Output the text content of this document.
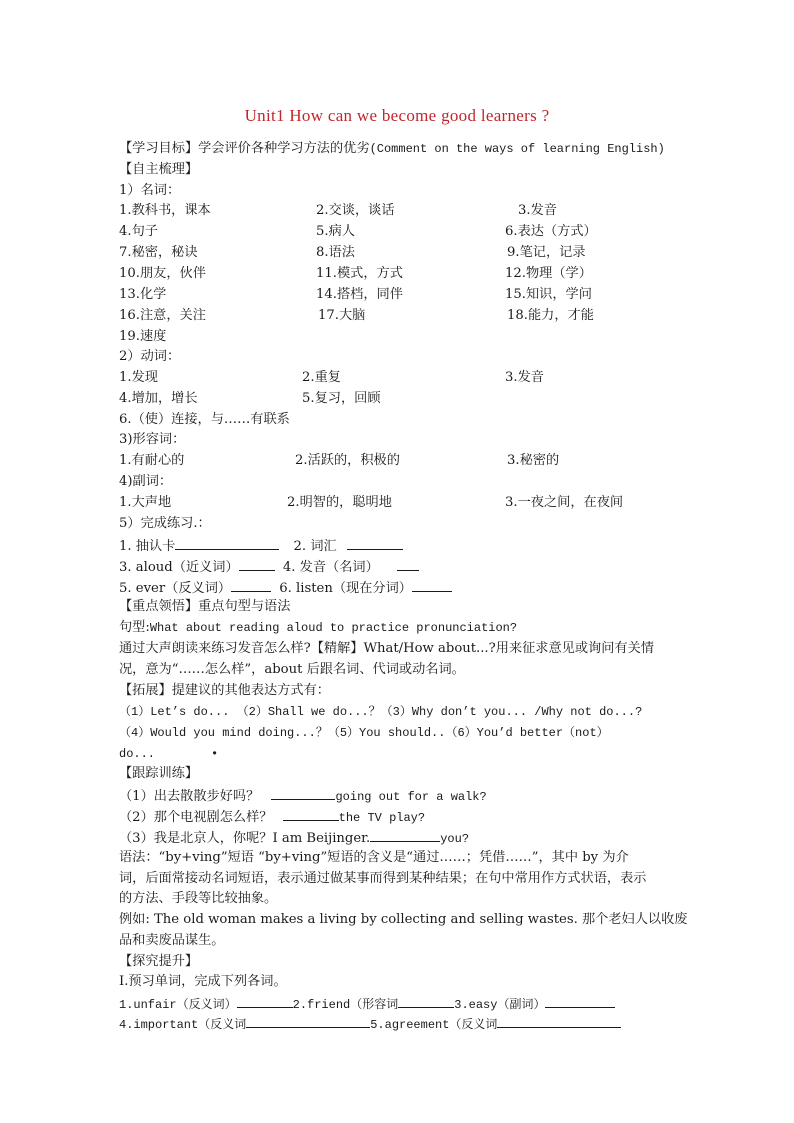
Unit1 How can we become good learners ?
【学习目标】学会评价各种学习方法的优劣(Comment on the ways of learning English)
【自主梳理】
1）名词：
1.教科书，课本	2.交谈，谈话	3.发音
4.句子	5.病人	6.表达（方式）
7.秘密，秘诀	8.语法	9.笔记，记录
10.朋友，伙伴	11.模式，方式	12.物理（学）
13.化学	14.搭档，同伴	15.知识，学问
16.注意，关注	17.大脑	18.能力，才能
19.速度
2）动词：
1.发现	2.重复	3.发音
4.增加，增长	5.复习，回顾
6.（使）连接，与……有联系
3)形容词：
1.有耐心的	2.活跃的，积极的	3.秘密的
4)副词：
1.大声地	2.明智的，聪明地	3.一夜之间，在夜间
5）完成练习.：
1. 抽认卡	2. 词汇
3. aloud（近义词）	4. 发音（名词）
5. ever（反义词）	6. listen（现在分词）
【重点领悟】重点句型与语法
句型:What about reading aloud to practice pronunciation?
通过大声朗读来练习发音怎么样?【精解】What/How about...?用来征求意见或询问有关情
况，意为“……怎么样”，about 后跟名词、代词或动名词。
【拓展】提建议的其他表达方式有：
（1）Let’s do... （2）Shall we do...？（3）Why don’t you... /Why not do...?
（4）Would you mind doing...？（5）You should..（6）You’d better（not）
do...	•
【跟踪训练】
（1）出去散散步好吗？	going out for a walk?
（2）那个电视剧怎么样？	the TV play?
（3）我是北京人，你呢？I am Beijinger.	you?
语法：“by+ving”短语 “by+ving”短语的含义是“通过……；凭借……”，其中 by 为介
词，后面常接动名词短语，表示通过做某事而得到某种结果；在句中常用作方式状语，表示
的方法、手段等比较抽象。
例如: The old woman makes a living by collecting and selling wastes. 那个老妇人以收废
品和卖废品谋生。
【探究提升】
Ⅰ.预习单词，完成下列各词。
1.unfair（反义词）	2.friend（形容词	3.easy（副词）
4.important（反义词	5.agreement（反义词
